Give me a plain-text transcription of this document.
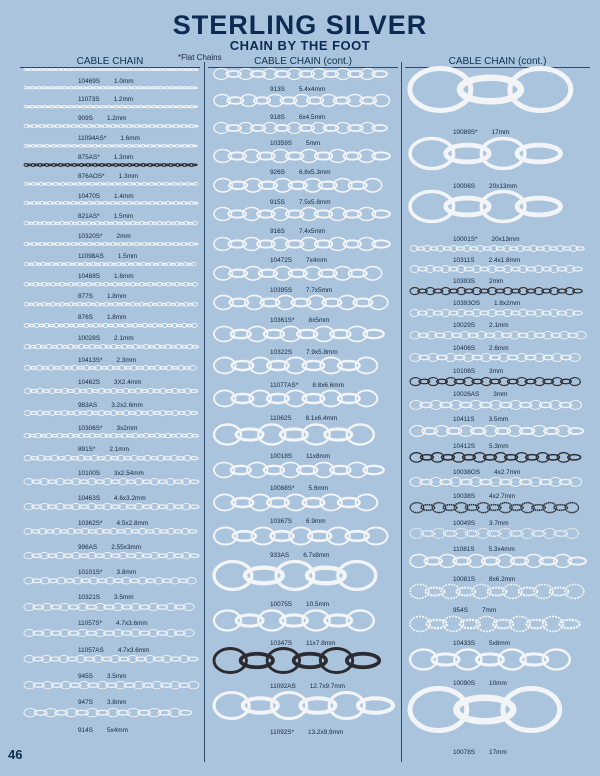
STERLING SILVER
CHAIN BY THE FOOT
*Flat Chains
CABLE CHAIN	CABLE CHAIN (cont.)	CABLE CHAIN (cont.)
10469S 1.0mm
11073S 1.2mm
909S 1.2mm
11094AS* 1.6mm
875AS* 1.3mm
876AOS* 1.3mm
10470S 1.4mm
821AS* 1.5mm
10320S* 2mm
11098AS 1.5mm
10488S 1.6mm
877S 1.8mm
876S 1.8mm
10028S 2.1mm
10413S* 2.3mm
10462S 3X2.4mm
983AS 3.2x2.6mm
10306S* 3x2mm
891S* 2.1mm
10100S 3x2.54mm
10463S 4.6x3.2mm
10362S* 4.5x2.8mm
996AS 2.55x3mm
10101S* 3.8mm
10321S 3.5mm
11057S* 4.7x3.6mm
11057AS 4.7x3.6mm
945S 3.5mm
947S 3.8mm
914S 5x4mm
913S 5.4x4mm
918S 6x4.5mm
10359S 5mm
926S 6.8x5.3mm
915S 7.5x5.8mm
916S 7.4x5mm
10472S 7x4mm
10395S 7.7x5mm
10361S* 8x5mm
10322S 7.9x5.8mm
11077AS* 8.8x6.6mm
11062S 8.1x6.4mm
10018S 11x8mm
10088S* 5.6mm
10367S 6.9mm
933AS 6.7x8mm
10075S 10.5mm
10347S 11x7.8mm
11092AS 12.7x9.7mm
11092S* 13.2x9.9mm
10089S* 17mm
10006S 20x13mm
10001S* 20x13mm
10311S 2.4x1.8mm
10393S 2mm
10393OS 1.8x2mm
10029S 2.1mm
10406S 2.6mm
10106S 3mm
10026AS 3mm
10411S 3.5mm
10412S 5.3mm
10038OS 4x2.7mm
10038S 4x2.7mm
10049S 3.7mm
11081S 5.3x4mm
10081S 8x6.2mm
954S 7mm
10433S 5x8mm
10090S 10mm
10078S 17mm
46
